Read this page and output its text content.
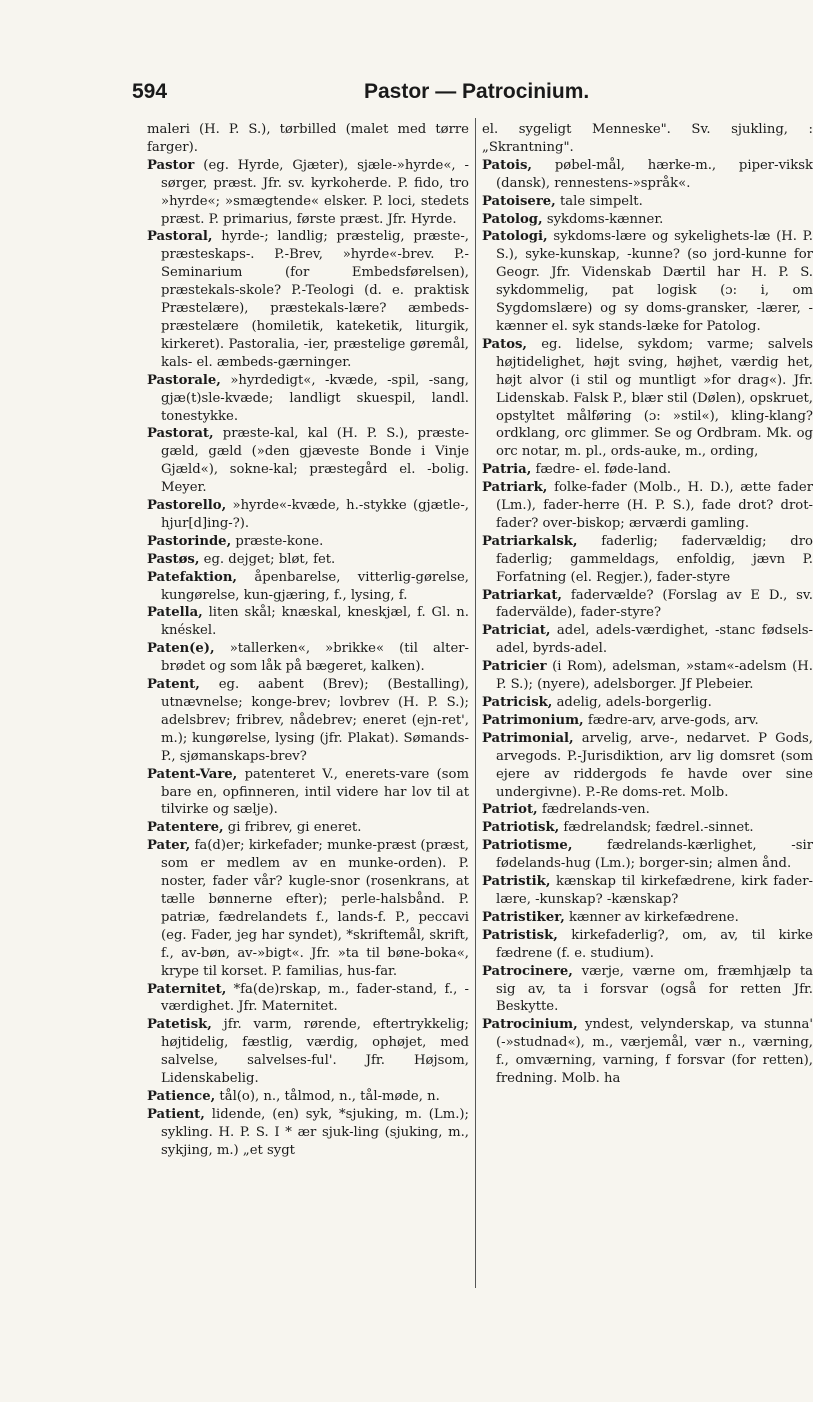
594	Pastor — Patrocinium.

maleri (H. P. S.), tørbilled (malet med tørre farger).

Pastor (eg. Hyrde, Gjæter), sjæle-»hyrde«, -sørger, præst. Jfr. sv. kyrkoherde. P. fido, tro »hyrde«; »smægtende« elsker. P. loci, stedets præst. P. primarius, første præst. Jfr. Hyrde.

Pastoral, hyrde-; landlig; præstelig, præste-, præsteskaps-. P.-Brev, »hyrde«-brev. P.-Seminarium (for Embedsførelsen), præstekals-skole? P.-Teologi (d. e. praktisk Præstelære), præstekals-lære? æmbeds-præstelære (homiletik, kateketik, liturgik, kirkeret). Pastoralia, -ier, præstelige gøremål, kals- el. æmbeds-gærninger.

Pastorale, »hyrdedigt«, -kvæde, -spil, -sang, gjæ(t)sle-kvæde; landligt skuespil, landl. tonestykke.

Pastorat, præste-kal, kal (H. P. S.), præste-gæld, gæld (»den gjæveste Bonde i Vinje Gjæld«), sokne-kal; præstegård el. -bolig. Meyer.

Pastorello, »hyrde«-kvæde, h.-stykke (gjætle-, hjur[d]ing-?).

Pastorinde, præste-kone.

Pastøs, eg. dejget; bløt, fet.

Patefaktion, åpenbarelse, vitterlig-gørelse, kungørelse, kun-gjæring, f., lysing, f.

Patella, liten skål; knæskal, kneskjæl, f. Gl. n. knéskel.

Paten(e), »tallerken«, »brikke« (til alter-brødet og som låk på bægeret, kalken).

Patent, eg. aabent (Brev); (Bestalling), utnævnelse; konge-brev; lovbrev (H. P. S.); adelsbrev; fribrev, nådebrev; eneret (ejn-ret', m.); kungørelse, lysing (jfr. Plakat). Sømands-P., sjømanskaps-brev?

Patent-Vare, patenteret V., enerets-vare (som bare en, opfinneren, intil videre har lov til at tilvirke og sælje).

Patentere, gi fribrev, gi eneret.

Pater, fa(d)er; kirkefader; munke-præst (præst, som er medlem av en munke-orden). P. noster, fader vår? kugle-snor (rosenkrans, at tælle bønnerne efter); perle-halsbånd. P. patriæ, fædrelandets f., lands-f. P., peccavi (eg. Fader, jeg har syndet), *skriftemål, skrift, f., av-bøn, av-»bigt«. Jfr. »ta til bøne-boka«, krype til korset. P. familias, hus-far.

Paternitet, *fa(de)rskap, m., fader-stand, f., -værdighet. Jfr. Maternitet.

Patetisk, jfr. varm, rørende, eftertrykkelig; højtidelig, fæstlig, værdig, ophøjet, med salvelse, salvelses-ful'. Jfr. Højsom, Lidenskabelig.

Patience, tål(o), n., tålmod, n., tål-møde, n.

Patient, lidende, (en) syk, *sjuking, m. (Lm.); sykling. H. P. S. I * ær sjuk-ling (sjuking, m., sykjing, m.) „et sygt

el. sygeligt Menneske". Sv. sjukling, :„Skrantning".

Patois, pøbel-mål, hærke-m., piper-viksk (dansk), rennestens-»språk«.

Patoisere, tale simpelt.

Patolog, sykdoms-kænner.

Patologi, sykdoms-lære og sykelighets-læ (H. P. S.), syke-kunskap, -kunne? (so jord-kunne for Geogr. Jfr. Videnskab Dærtil har H. P. S. sykdommelig, pat logisk (ɔ: i, om Sygdomslære) og sy doms-gransker, -lærer, -kænner el. syk stands-læke for Patolog.

Patos, eg. lidelse, sykdom; varme; salvels højtidelighet, højt sving, højhet, værdig het, højt alvor (i stil og muntligt »for drag«). Jfr. Lidenskab. Falsk P., blær stil (Dølen), opskruet, opstyltet målføring (ɔ: »stil«), kling-klang? ordklang, orc glimmer. Se og Ordbram. Mk. og orc notar, m. pl., ords-auke, m., ording,

Patria, fædre- el. føde-land.

Patriark, folke-fader (Molb., H. D.), ætte fader (Lm.), fader-herre (H. P. S.), fade drot? drot-fader? over-biskop; ærværdi gamling.

Patriarkalsk, faderlig; fadervældig; dro faderlig; gammeldags, enfoldig, jævn P. Forfatning (el. Regjer.), fader-styre

Patriarkat, fadervælde? (Forslag av E D., sv. fadervälde), fader-styre?

Patriciat, adel, adels-værdighet, -stanc fødsels-adel, byrds-adel.

Patricier (i Rom), adelsman, »stam«-adelsm (H. P. S.); (nyere), adelsborger. Jf Plebeier.

Patricisk, adelig, adels-borgerlig.

Patrimonium, fædre-arv, arve-gods, arv.

Patrimonial, arvelig, arve-, nedarvet. P Gods, arvegods. P.-Jurisdiktion, arv lig domsret (som ejere av riddergods fe havde over sine undergivne). P.-Re doms-ret. Molb.

Patriot, fædrelands-ven.

Patriotisk, fædrelandsk; fædrel.-sinnet.

Patriotisme,	fædrelands-kærlighet, -sir fødelands-hug (Lm.); borger-sin; almen ånd.

Patristik, kænskap til kirkefædrene, kirk fader-lære, -kunskap? -kænskap?

Patristiker, kænner av kirkefædrene.

Patristisk, kirkefaderlig?, om, av, til kirke fædrene (f. e. studium).

Patrocinere, værje, værne om, fræmhjælp ta sig av, ta i forsvar (også for retten Jfr. Beskytte.

Patrocinium, yndest, velynderskap, va stunna' (-»studnad«), m., værjemål, vær n., værning, f., omværning, varning, f forsvar (for retten), fredning. Molb. ha
